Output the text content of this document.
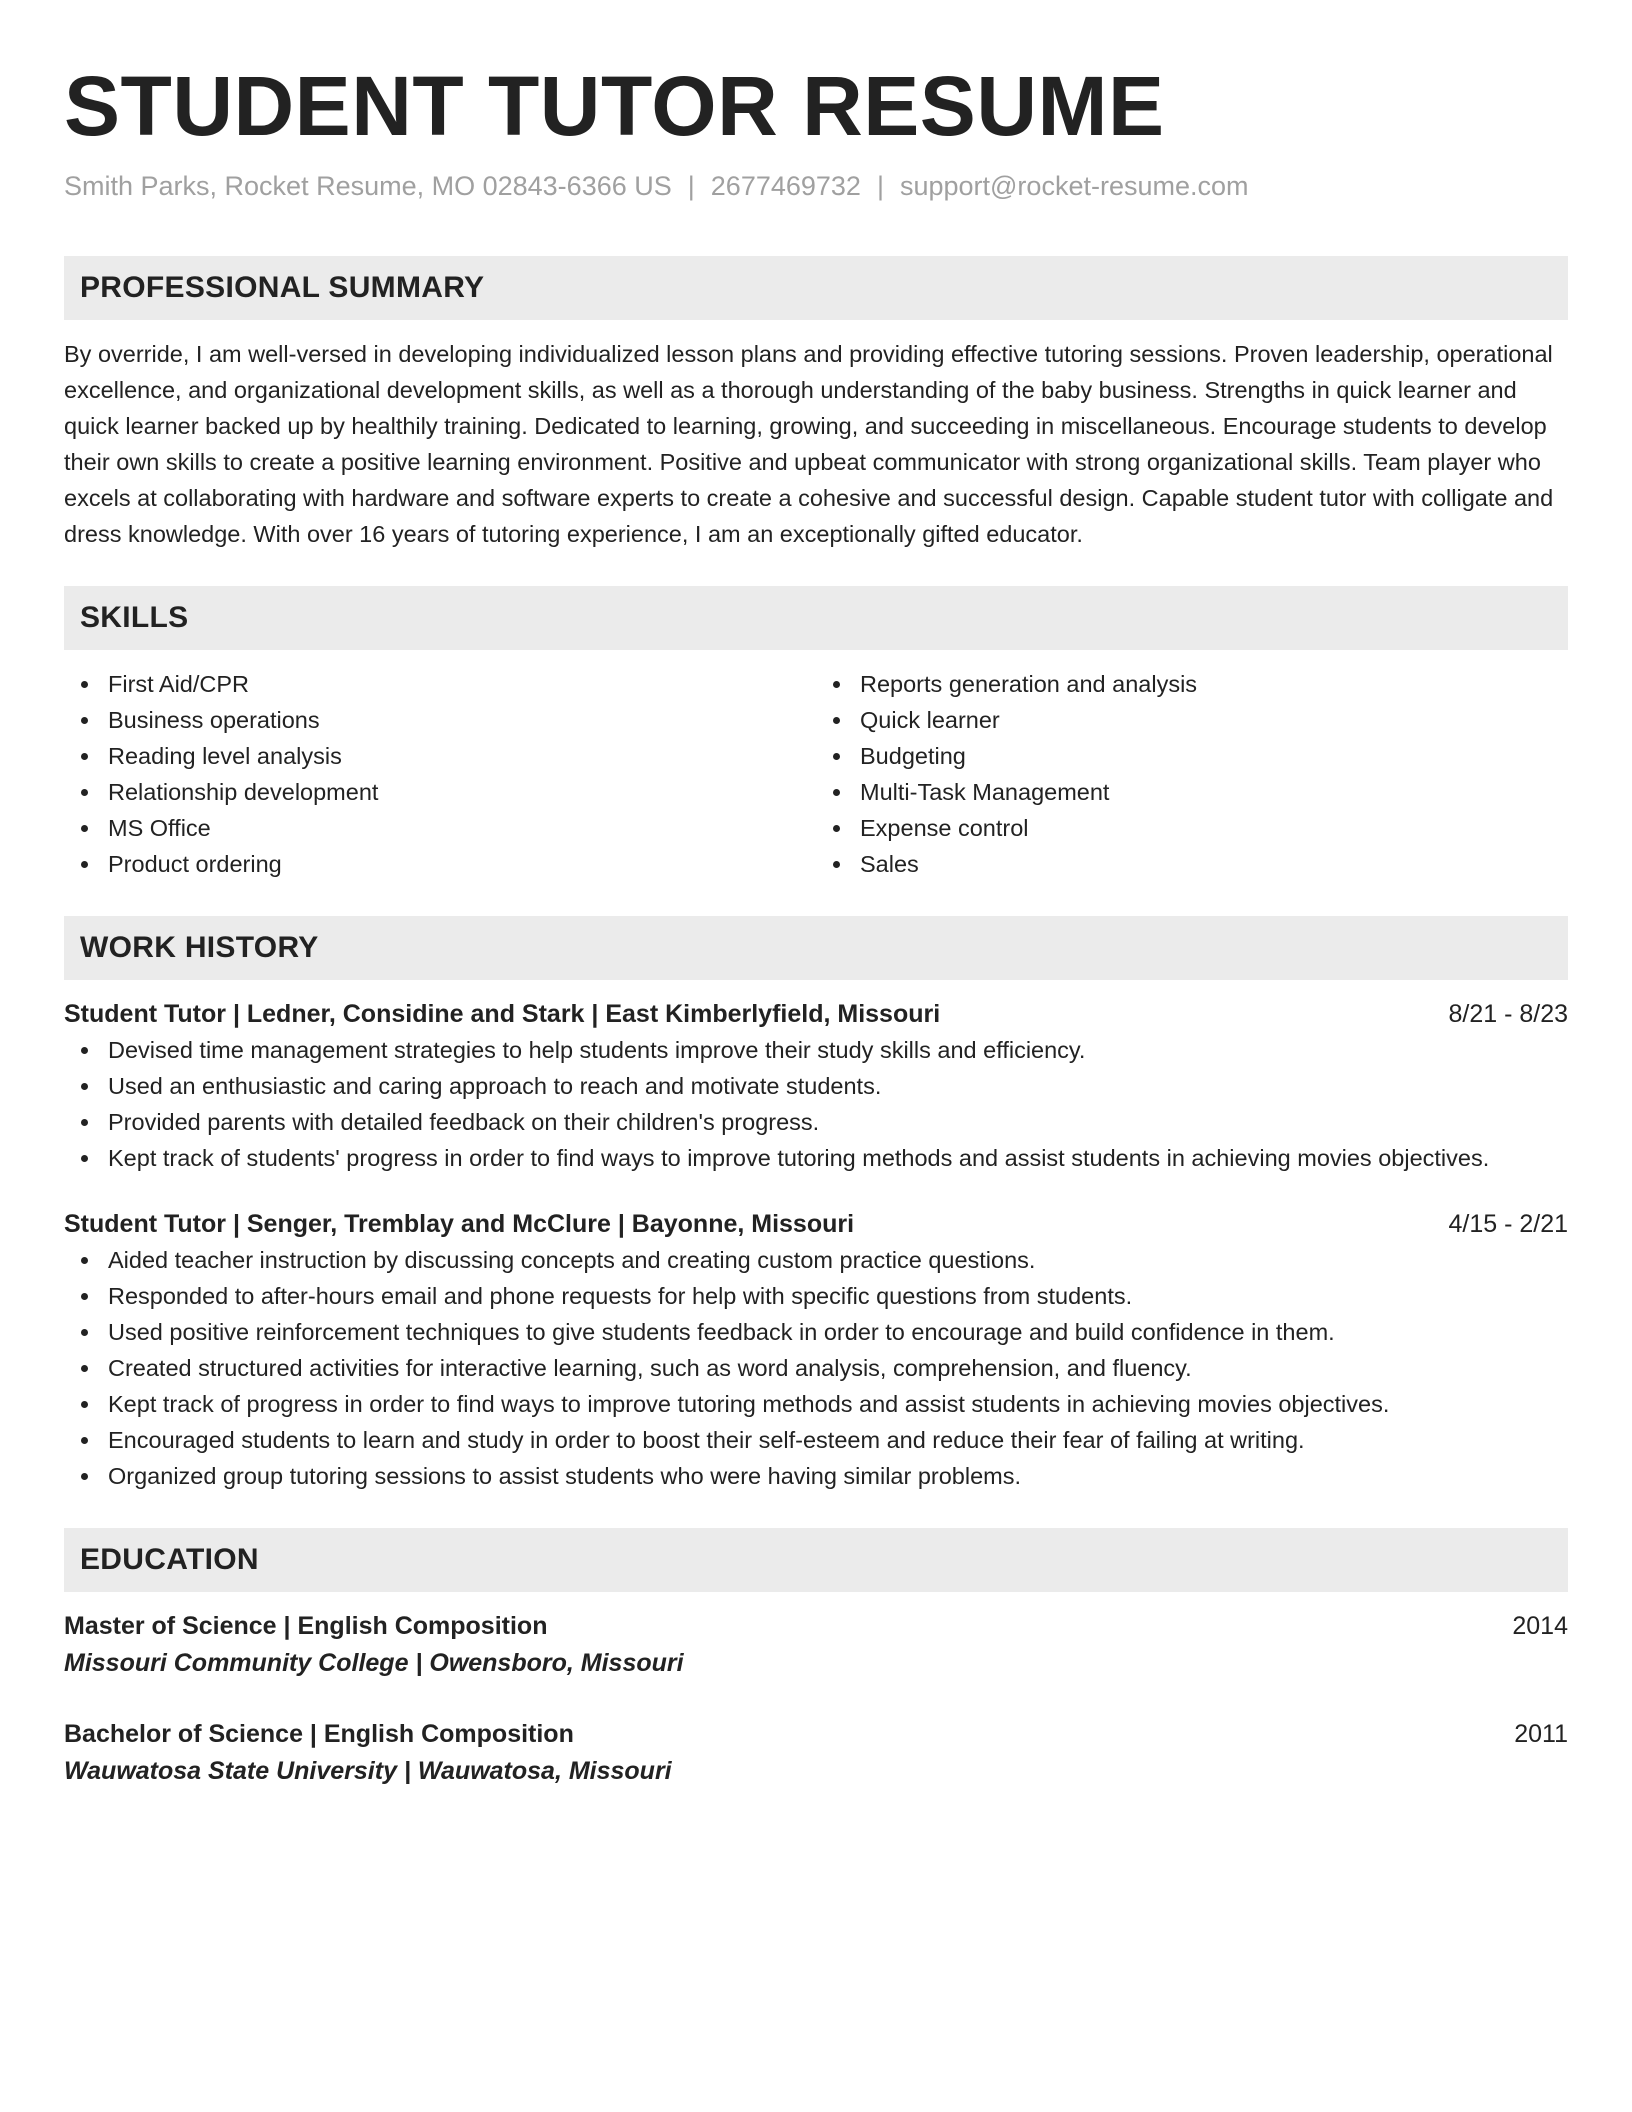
STUDENT TUTOR RESUME
Smith Parks, Rocket Resume, MO 02843-6366 US | 2677469732 | support@rocket-resume.com
PROFESSIONAL SUMMARY

By override, I am well-versed in developing individualized lesson plans and providing effective tutoring sessions. Proven leadership, operational excellence, and organizational development skills, as well as a thorough understanding of the baby business. Strengths in quick learner and quick learner backed up by healthily training. Dedicated to learning, growing, and succeeding in miscellaneous. Encourage students to develop their own skills to create a positive learning environment. Positive and upbeat communicator with strong organizational skills. Team player who excels at collaborating with hardware and software experts to create a cohesive and successful design. Capable student tutor with colligate and dress knowledge. With over 16 years of tutoring experience, I am an exceptionally gifted educator.

SKILLS
First Aid/CPR
Business operations
Reading level analysis
Relationship development
MS Office
Product ordering
Reports generation and analysis
Quick learner
Budgeting
Multi-Task Management
Expense control
Sales
WORK HISTORY
Student Tutor | Ledner, Considine and Stark | East Kimberlyfield, Missouri	8/21 - 8/23
Devised time management strategies to help students improve their study skills and efficiency.
Used an enthusiastic and caring approach to reach and motivate students.
Provided parents with detailed feedback on their children's progress.
Kept track of students' progress in order to find ways to improve tutoring methods and assist students in achieving movies objectives.
Student Tutor | Senger, Tremblay and McClure | Bayonne, Missouri	4/15 - 2/21
Aided teacher instruction by discussing concepts and creating custom practice questions.
Responded to after-hours email and phone requests for help with specific questions from students.
Used positive reinforcement techniques to give students feedback in order to encourage and build confidence in them.
Created structured activities for interactive learning, such as word analysis, comprehension, and fluency.
Kept track of progress in order to find ways to improve tutoring methods and assist students in achieving movies objectives.
Encouraged students to learn and study in order to boost their self-esteem and reduce their fear of failing at writing.
Organized group tutoring sessions to assist students who were having similar problems.
EDUCATION
Master of Science | English Composition	2014
Missouri Community College | Owensboro, Missouri
Bachelor of Science | English Composition	2011
Wauwatosa State University | Wauwatosa, Missouri
